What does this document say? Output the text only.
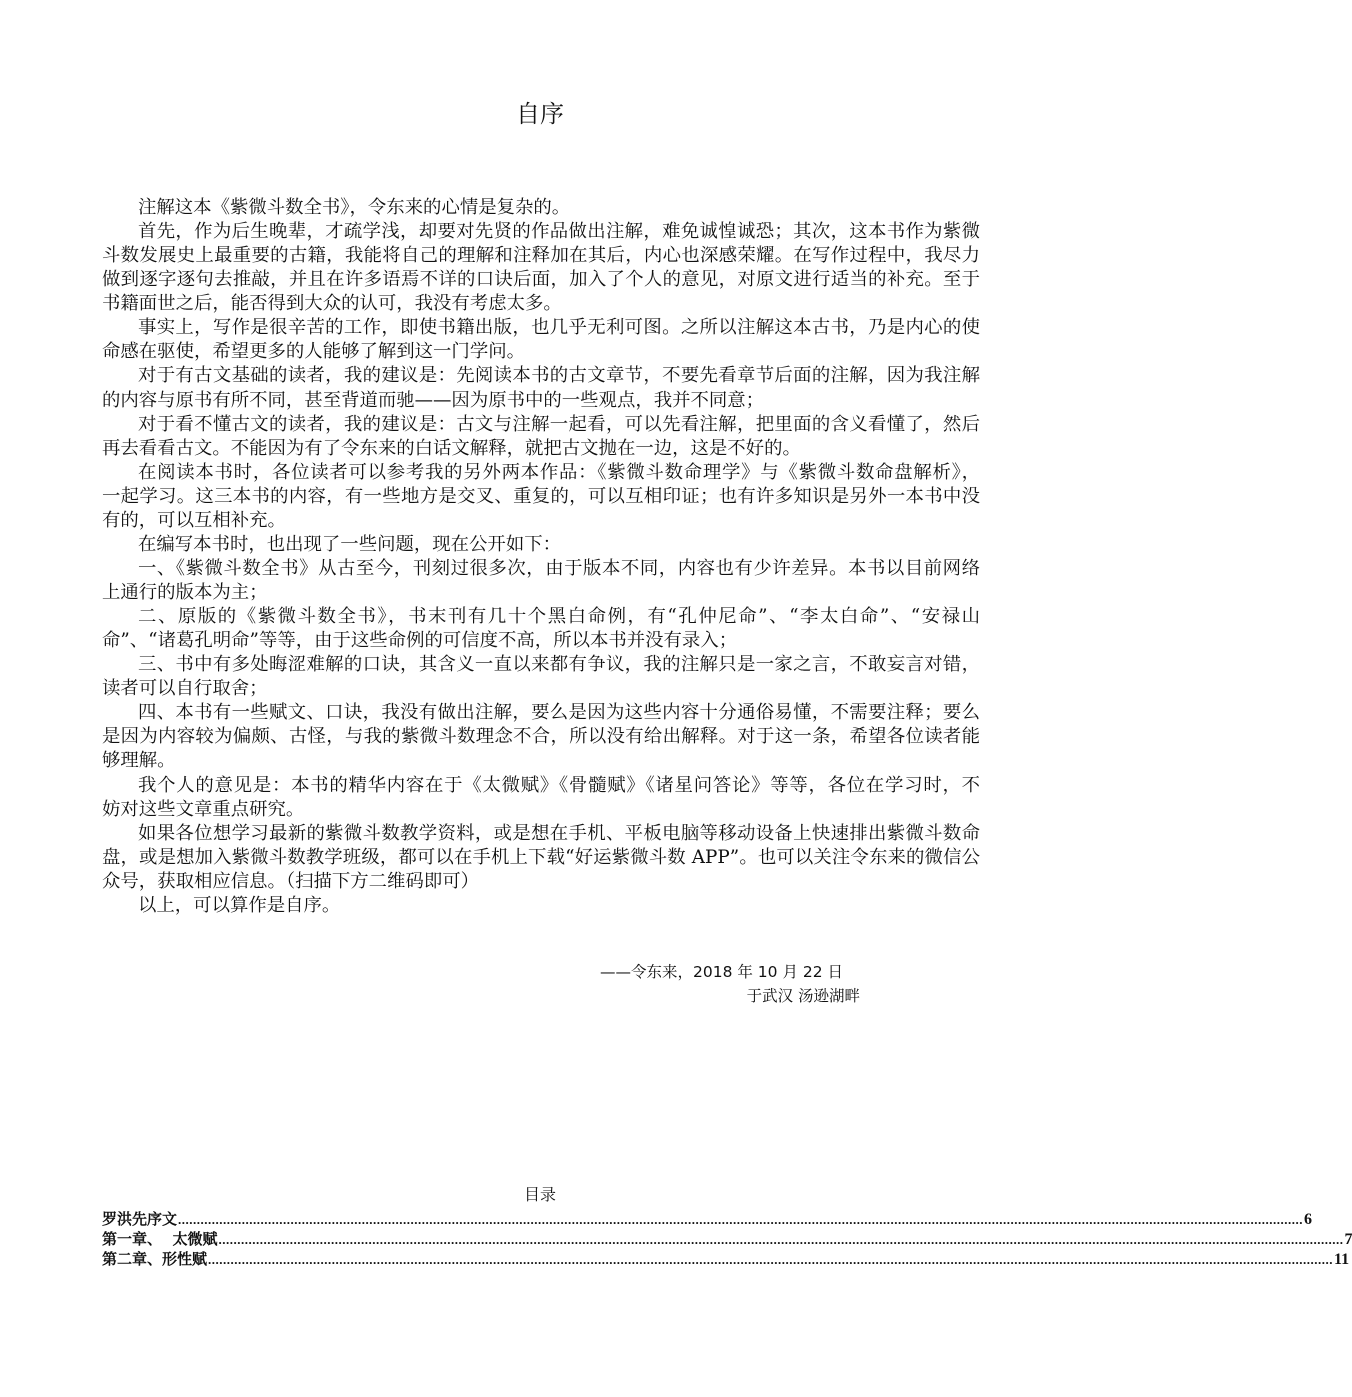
自序
注解这本《紫微斗数全书》，令东来的心情是复杂的。
首先，作为后生晚辈，才疏学浅，却要对先贤的作品做出注解，难免诚惶诚恐；其次，这本书作为紫微
斗数发展史上最重要的古籍，我能将自己的理解和注释加在其后，内心也深感荣耀。在写作过程中，我尽力
做到逐字逐句去推敲，并且在许多语焉不详的口诀后面，加入了个人的意见，对原文进行适当的补充。至于
书籍面世之后，能否得到大众的认可，我没有考虑太多。
事实上，写作是很辛苦的工作，即使书籍出版，也几乎无利可图。之所以注解这本古书，乃是内心的使
命感在驱使，希望更多的人能够了解到这一门学问。
对于有古文基础的读者，我的建议是：先阅读本书的古文章节，不要先看章节后面的注解，因为我注解
的内容与原书有所不同，甚至背道而驰——因为原书中的一些观点，我并不同意；
对于看不懂古文的读者，我的建议是：古文与注解一起看，可以先看注解，把里面的含义看懂了，然后
再去看看古文。不能因为有了令东来的白话文解释，就把古文抛在一边，这是不好的。
在阅读本书时，各位读者可以参考我的另外两本作品：《紫微斗数命理学》与《紫微斗数命盘解析》，
一起学习。这三本书的内容，有一些地方是交叉、重复的，可以互相印证；也有许多知识是另外一本书中没
有的，可以互相补充。
在编写本书时，也出现了一些问题，现在公开如下：
一、《紫微斗数全书》从古至今，刊刻过很多次，由于版本不同，内容也有少许差异。本书以目前网络
上通行的版本为主；
二、原版的《紫微斗数全书》，书末刊有几十个黑白命例，有“孔仲尼命”、“李太白命”、“安禄山
命”、“诸葛孔明命”等等，由于这些命例的可信度不高，所以本书并没有录入；
三、书中有多处晦涩难解的口诀，其含义一直以来都有争议，我的注解只是一家之言，不敢妄言对错，
读者可以自行取舍；
四、本书有一些赋文、口诀，我没有做出注解，要么是因为这些内容十分通俗易懂，不需要注释；要么
是因为内容较为偏颇、古怪，与我的紫微斗数理念不合，所以没有给出解释。对于这一条，希望各位读者能
够理解。
我个人的意见是：本书的精华内容在于《太微赋》《骨髓赋》《诸星问答论》等等，各位在学习时，不
妨对这些文章重点研究。
如果各位想学习最新的紫微斗数教学资料，或是想在手机、平板电脑等移动设备上快速排出紫微斗数命
盘，或是想加入紫微斗数教学班级，都可以在手机上下载“好运紫微斗数 APP”。也可以关注令东来的微信公
众号，获取相应信息。（扫描下方二维码即可）
以上，可以算作是自序。
——令东来，2018 年 10 月 22 日
于武汉 汤逊湖畔
目录
罗洪先序文 ............................................................................................................................................................................................................................................................................................................ 6
第一章、  太微赋 ............................................................................................................................................................................................................................................................................................................ 7
第二章、形性赋 ............................................................................................................................................................................................................................................................................................................ 11
